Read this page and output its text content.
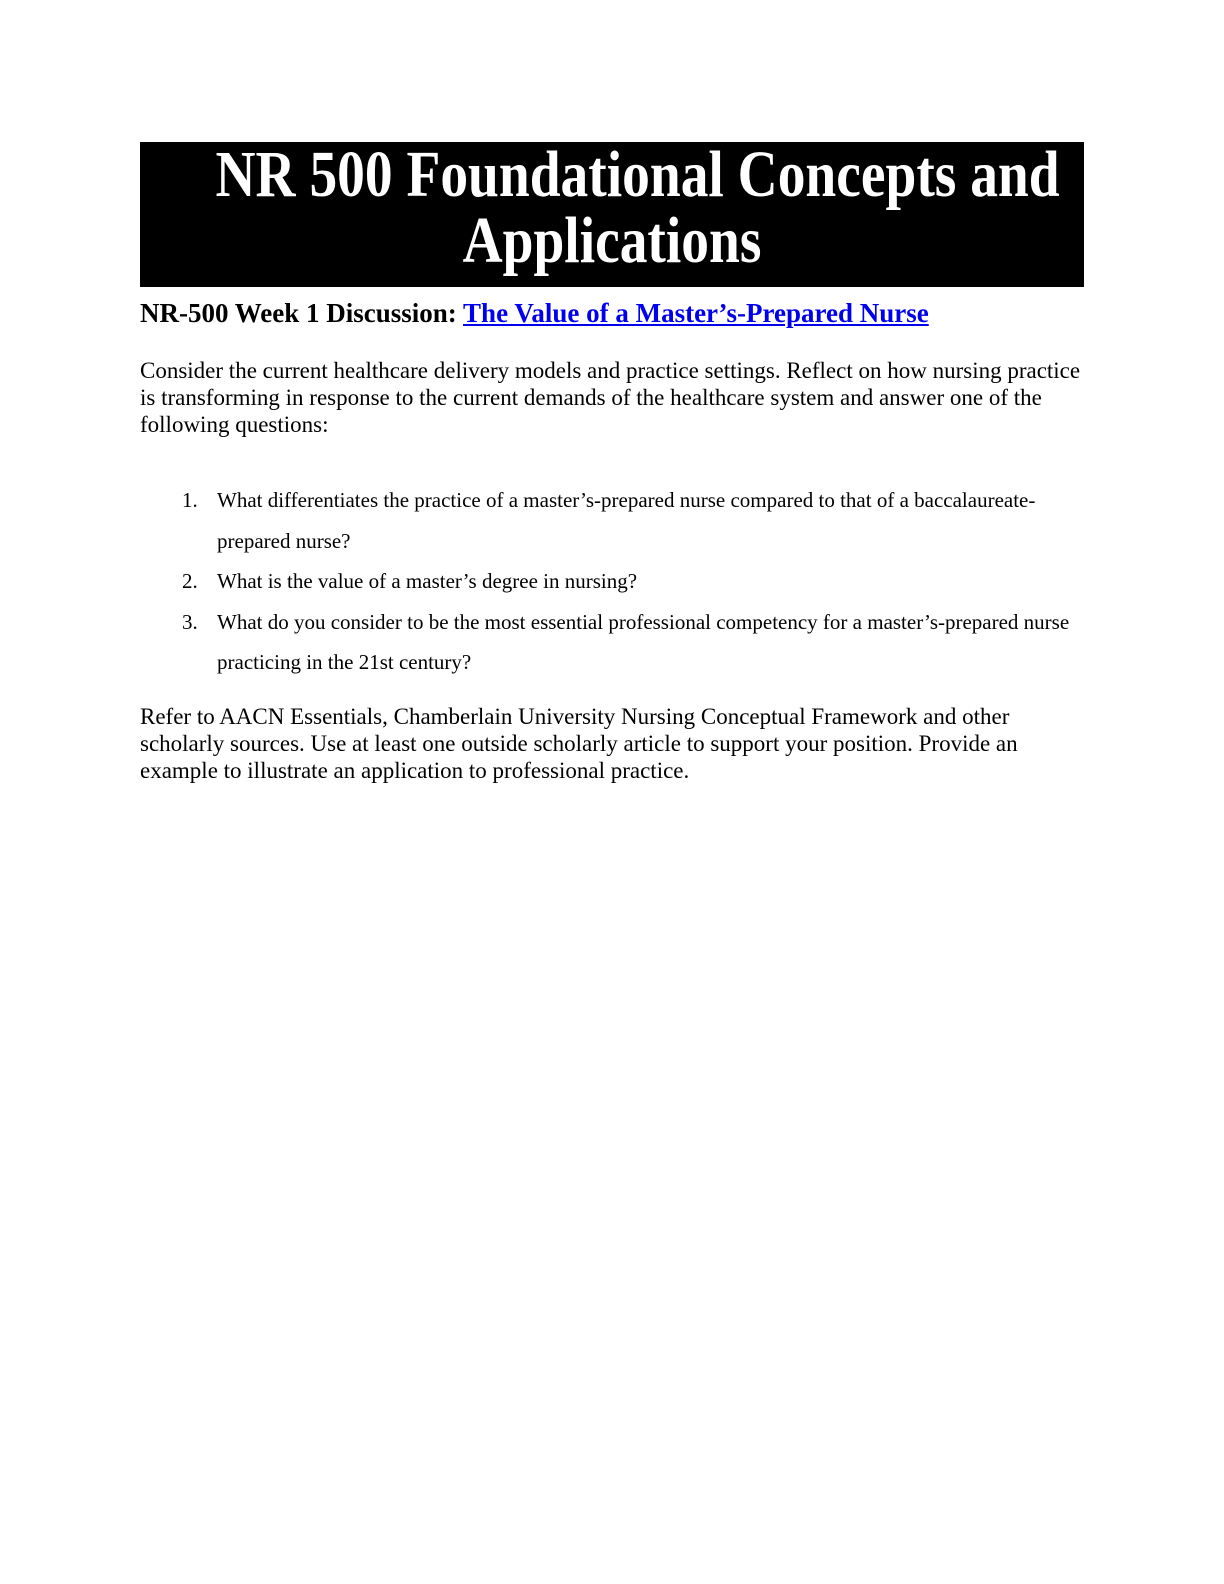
NR 500 Foundational Concepts and
Applications
NR-500 Week 1 Discussion: The Value of a Master’s-Prepared Nurse

Consider the current healthcare delivery models and practice settings. Reflect on how nursing practice is transforming in response to the current demands of the healthcare system and answer one of the following questions:

1. What differentiates the practice of a master’s-prepared nurse compared to that of a baccalaureate-prepared nurse?
2. What is the value of a master’s degree in nursing?
3. What do you consider to be the most essential professional competency for a master’s-prepared nurse practicing in the 21st century?

Refer to AACN Essentials, Chamberlain University Nursing Conceptual Framework and other scholarly sources. Use at least one outside scholarly article to support your position. Provide an example to illustrate an application to professional practice.
